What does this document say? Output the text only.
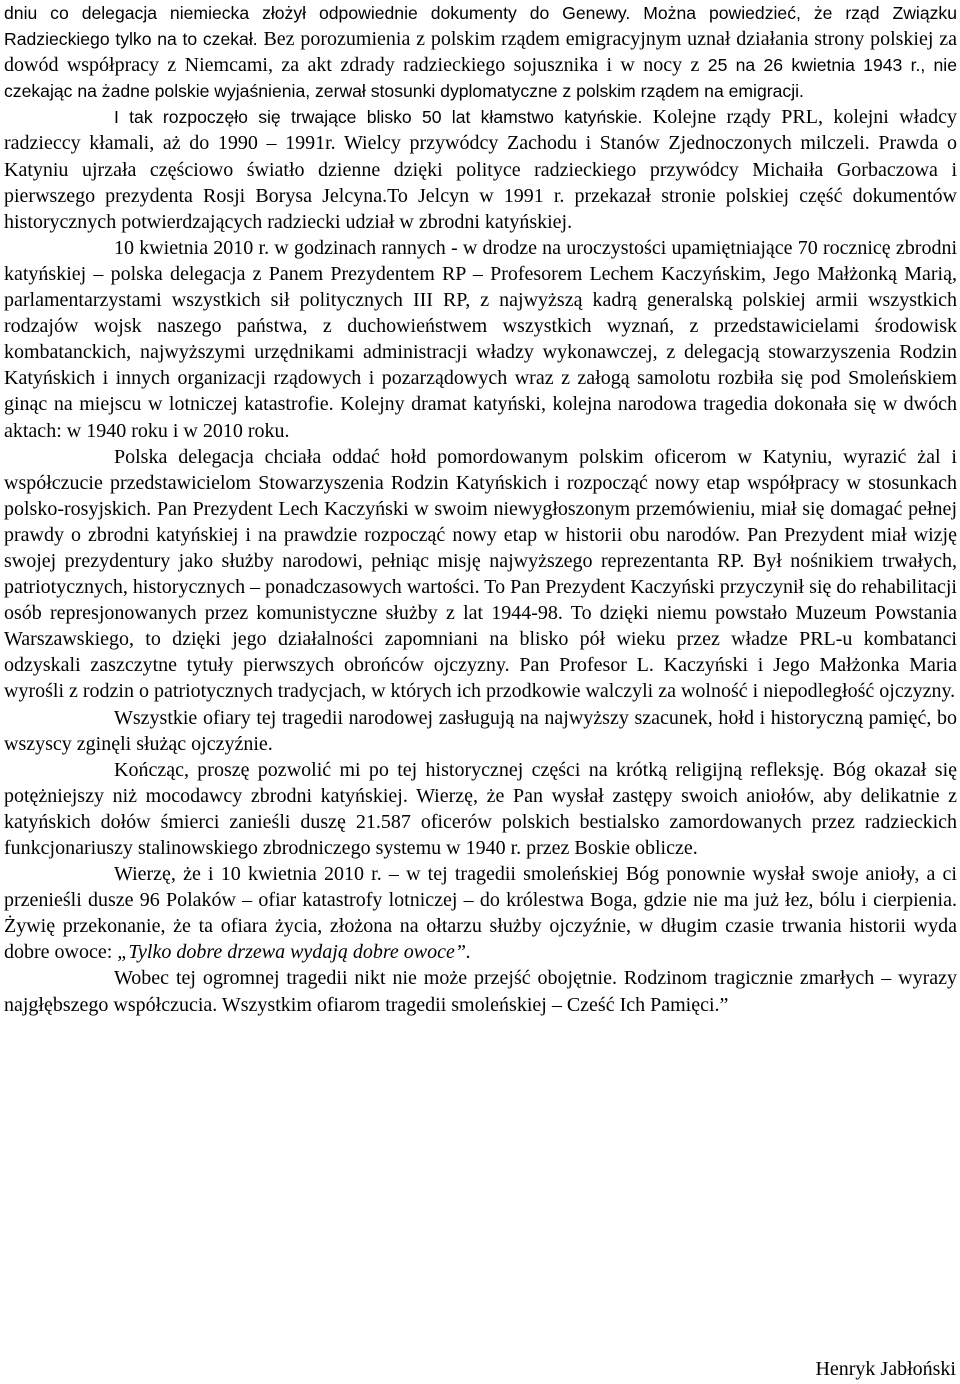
dniu co delegacja niemiecka złożył odpowiednie dokumenty do Genewy. Można powiedzieć, że rząd Związku Radzieckiego tylko na to czekał. Bez porozumienia z polskim rządem emigracyjnym uznał działania strony polskiej za dowód współpracy z Niemcami, za akt zdrady radzieckiego sojusznika i w nocy z 25 na 26 kwietnia 1943 r., nie czekając na żadne polskie wyjaśnienia, zerwał stosunki dyplomatyczne z polskim rządem na emigracji.

I tak rozpoczęło się trwające blisko 50 lat kłamstwo katyńskie. Kolejne rządy PRL, kolejni władcy radzieccy kłamali, aż do 1990 – 1991r. Wielcy przywódcy Zachodu i Stanów Zjednoczonych milczeli. Prawda o Katyniu ujrzała częściowo światło dzienne dzięki polityce radzieckiego przywódcy Michaiła Gorbaczowa i pierwszego prezydenta Rosji Borysa Jelcyna.To Jelcyn w 1991 r. przekazał stronie polskiej część dokumentów historycznych potwierdzających radziecki udział w zbrodni katyńskiej.

10 kwietnia 2010 r. w godzinach rannych - w drodze na uroczystości upamiętniające 70 rocznicę zbrodni katyńskiej – polska delegacja z Panem Prezydentem RP – Profesorem Lechem Kaczyńskim, Jego Małżonką Marią, parlamentarzystami wszystkich sił politycznych III RP, z najwyższą kadrą generalską polskiej armii wszystkich rodzajów wojsk naszego państwa, z duchowieństwem wszystkich wyznań, z przedstawicielami środowisk kombatanckich, najwyższymi urzędnikami administracji władzy wykonawczej, z delegacją stowarzyszenia Rodzin Katyńskich i innych organizacji rządowych i pozarządowych wraz z załogą samolotu rozbiła się pod Smoleńskiem ginąc na miejscu w lotniczej katastrofie. Kolejny dramat katyński, kolejna narodowa tragedia dokonała się w dwóch aktach: w 1940 roku i w 2010 roku.

Polska delegacja chciała oddać hołd pomordowanym polskim oficerom w Katyniu, wyrazić żal i współczucie przedstawicielom Stowarzyszenia Rodzin Katyńskich i rozpocząć nowy etap współpracy w stosunkach polsko-rosyjskich. Pan Prezydent Lech Kaczyński w swoim niewygłoszonym przemówieniu, miał się domagać pełnej prawdy o zbrodni katyńskiej i na prawdzie rozpocząć nowy etap w historii obu narodów. Pan Prezydent miał wizję swojej prezydentury jako służby narodowi, pełniąc misję najwyższego reprezentanta RP. Był nośnikiem trwałych, patriotycznych, historycznych – ponadczasowych wartości. To Pan Prezydent Kaczyński przyczynił się do rehabilitacji osób represjonowanych przez komunistyczne służby z lat 1944-98. To dzięki niemu powstało Muzeum Powstania Warszawskiego, to dzięki jego działalności zapomniani na blisko pół wieku przez władze PRL-u kombatanci odzyskali zaszczytne tytuły pierwszych obrońców ojczyzny. Pan Profesor L. Kaczyński i Jego Małżonka Maria wyrośli z rodzin o patriotycznych tradycjach, w których ich przodkowie walczyli za wolność i niepodległość ojczyzny.

Wszystkie ofiary tej tragedii narodowej zasługują na najwyższy szacunek, hołd i historyczną pamięć, bo wszyscy zginęli służąc ojczyźnie.

Kończąc, proszę pozwolić mi po tej historycznej części na krótką religijną refleksję. Bóg okazał się potężniejszy niż mocodawcy zbrodni katyńskiej. Wierzę, że Pan wysłał zastępy swoich aniołów, aby delikatnie z katyńskich dołów śmierci zanieśli duszę 21.587 oficerów polskich bestialsko zamordowanych przez radzieckich funkcjonariuszy stalinowskiego zbrodniczego systemu w 1940 r. przez Boskie oblicze.

Wierzę, że i 10 kwietnia 2010 r. – w tej tragedii smoleńskiej Bóg ponownie wysłał swoje anioły, a ci przenieśli dusze 96 Polaków – ofiar katastrofy lotniczej – do królestwa Boga, gdzie nie ma już łez, bólu i cierpienia. Żywię przekonanie, że ta ofiara życia, złożona na ołtarzu służby ojczyźnie, w długim czasie trwania historii wyda dobre owoce: „Tylko dobre drzewa wydają dobre owoce”.

Wobec tej ogromnej tragedii nikt nie może przejść obojętnie. Rodzinom tragicznie zmarłych – wyrazy najgłębszego współczucia. Wszystkim ofiarom tragedii smoleńskiej – Cześć Ich Pamięci.”

Henryk Jabłoński
